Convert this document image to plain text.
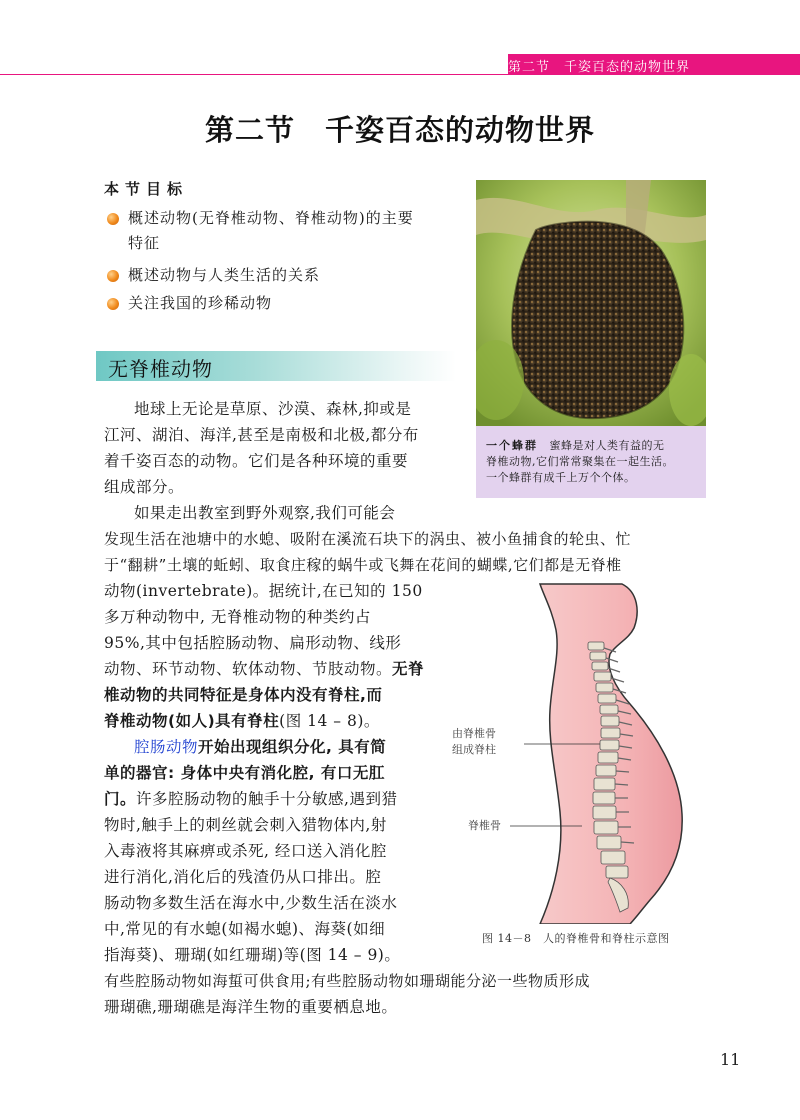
第二节　千姿百态的动物世界
第二节　千姿百态的动物世界
本节目标
概述动物(无脊椎动物、脊椎动物)的主要
特征
概述动物与人类生活的关系
关注我国的珍稀动物
无脊椎动物
一个蜂群　 蜜蜂是对人类有益的无
脊椎动物,它们常常聚集在一起生活。
一个蜂群有成千上万个个体。
地球上无论是草原、沙漠、森林,抑或是
江河、湖泊、海洋,甚至是南极和北极,都分布
着千姿百态的动物。它们是各种环境的重要
组成部分。
如果走出教室到野外观察,我们可能会
发现生活在池塘中的水螅、吸附在溪流石块下的涡虫、被小鱼捕食的轮虫、忙
于“翻耕”土壤的蚯蚓、取食庄稼的蜗牛或飞舞在花间的蝴蝶,它们都是无脊椎
动物(invertebrate)。据统计,在已知的 150
多万种动物中, 无脊椎动物的种类约占
95%,其中包括腔肠动物、扁形动物、线形
动物、环节动物、软体动物、节肢动物。无脊
椎动物的共同特征是身体内没有脊柱,而
脊椎动物(如人)具有脊柱(图 14 – 8)。
腔肠动物开始出现组织分化, 具有简
单的器官: 身体中央有消化腔, 有口无肛
门。许多腔肠动物的触手十分敏感,遇到猎
物时,触手上的刺丝就会刺入猎物体内,射
入毒液将其麻痹或杀死, 经口送入消化腔
进行消化,消化后的残渣仍从口排出。腔
肠动物多数生活在海水中,少数生活在淡水
中,常见的有水螅(如褐水螅)、海葵(如细
指海葵)、珊瑚(如红珊瑚)等(图 14 – 9)。
有些腔肠动物如海蜇可供食用;有些腔肠动物如珊瑚能分泌一些物质形成
珊瑚礁,珊瑚礁是海洋生物的重要栖息地。
由脊椎骨
组成脊柱
脊椎骨
图 14－8　人的脊椎骨和脊柱示意图
11
